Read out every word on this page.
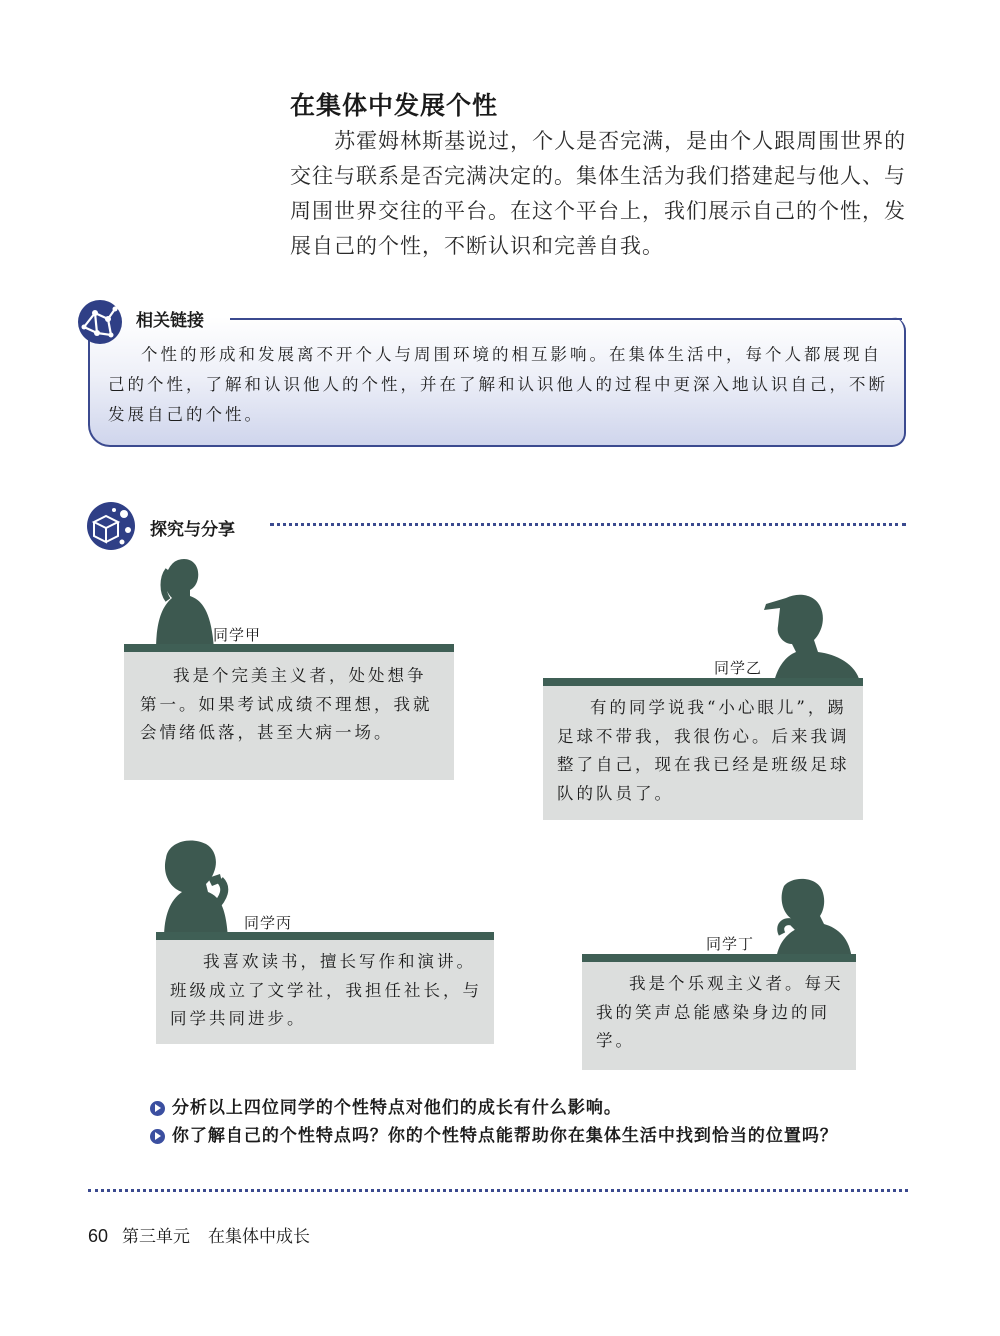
在集体中发展个性

苏霍姆林斯基说过，个人是否完满，是由个人跟周围世界的交往与联系是否完满决定的。集体生活为我们搭建起与他人、与周围世界交往的平台。在这个平台上，我们展示自己的个性，发展自己的个性，不断认识和完善自我。

相关链接

个性的形成和发展离不开个人与周围环境的相互影响。在集体生活中，每个人都展现自己的个性，了解和认识他人的个性，并在了解和认识他人的过程中更深入地认识自己，不断发展自己的个性。

探究与分享
同学甲

我是个完美主义者，处处想争第一。如果考试成绩不理想，我就会情绪低落，甚至大病一场。

同学乙

有的同学说我“小心眼儿”，踢足球不带我，我很伤心。后来我调整了自己，现在我已经是班级足球队的队员了。

同学丙

我喜欢读书，擅长写作和演讲。班级成立了文学社，我担任社长，与同学共同进步。

同学丁

我是个乐观主义者。每天我的笑声总能感染身边的同学。

分析以上四位同学的个性特点对他们的成长有什么影响。
你了解自己的个性特点吗？你的个性特点能帮助你在集体生活中找到恰当的位置吗？
60 第三单元 在集体中成长
